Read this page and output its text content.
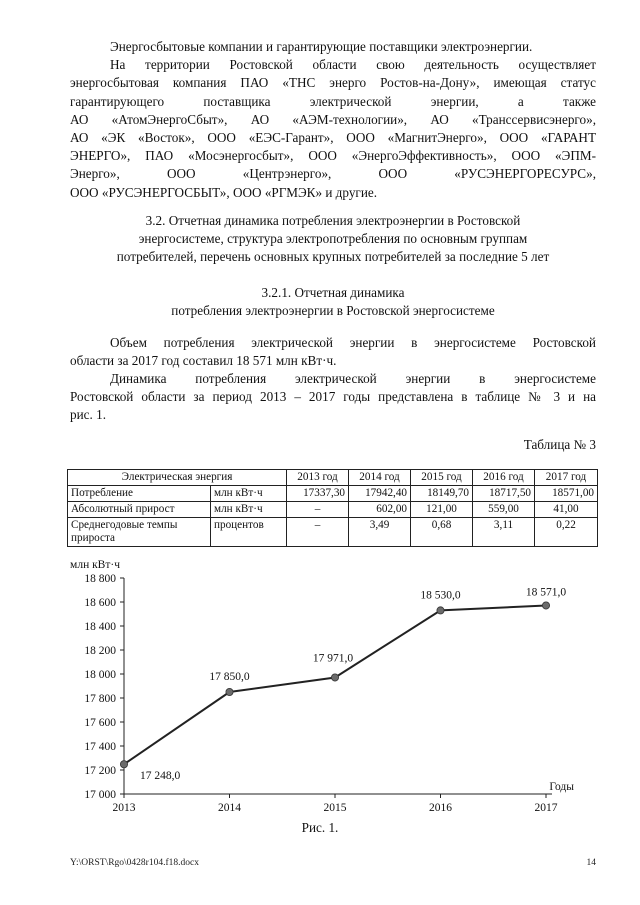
Энергосбытовые компании и гарантирующие поставщики электроэнергии.
На территории Ростовской области свою деятельность осуществляет
энергосбытовая компания ПАО «ТНС энерго Ростов-на-Дону», имеющая статус
гарантирующего поставщика электрической энергии, а также
АО «АтомЭнергоСбыт», АО «АЭМ-технологии», АО «Транссервисэнерго»,
АО «ЭК «Восток», ООО «ЕЭС-Гарант», ООО «МагнитЭнерго», ООО «ГАРАНТ
ЭНЕРГО», ПАО «Мосэнергосбыт», ООО «ЭнергоЭффективность», ООО «ЭПМ-
Энерго», ООО «Центрэнерго», ООО «РУСЭНЕРГОРЕСУРС»,
ООО «РУСЭНЕРГОСБЫТ», ООО «РГМЭК» и другие.
3.2. Отчетная динамика потребления электроэнергии в Ростовской
энергосистеме, структура электропотребления по основным группам
потребителей, перечень основных крупных потребителей за последние 5 лет
3.2.1. Отчетная динамика
потребления электроэнергии в Ростовской энергосистеме
Объем потребления электрической энергии в энергосистеме Ростовской
области за 2017 год составил 18 571 млн кВт·ч.
Динамика потребления электрической энергии в энергосистеме
Ростовской области за период 2013 – 2017 годы представлена в таблице № 3 и на
рис. 1.
Таблица № 3
Электрическая энергия		2013 год	2014 год	2015 год	2016 год	2017 год
Потребление	млн кВт·ч	17337,30	17942,40	18149,70	18717,50	18571,00
Абсолютный прирост	млн кВт·ч	–	602,00	121,00	559,00	41,00
Среднегодовые темпы прироста	процентов	–	3,49	0,68	3,11	0,22
17 000
17 200
17 400
17 600
17 800
18 000
18 200
18 400
18 600
18 800
2013	2014	2015	2016	2017
млн кВт·ч
Годы
17 248,0
17 850,0
17 971,0
18 530,0	18 571,0
Рис. 1.
Y:\ORST\Rgo\0428r104.f18.docx	14
